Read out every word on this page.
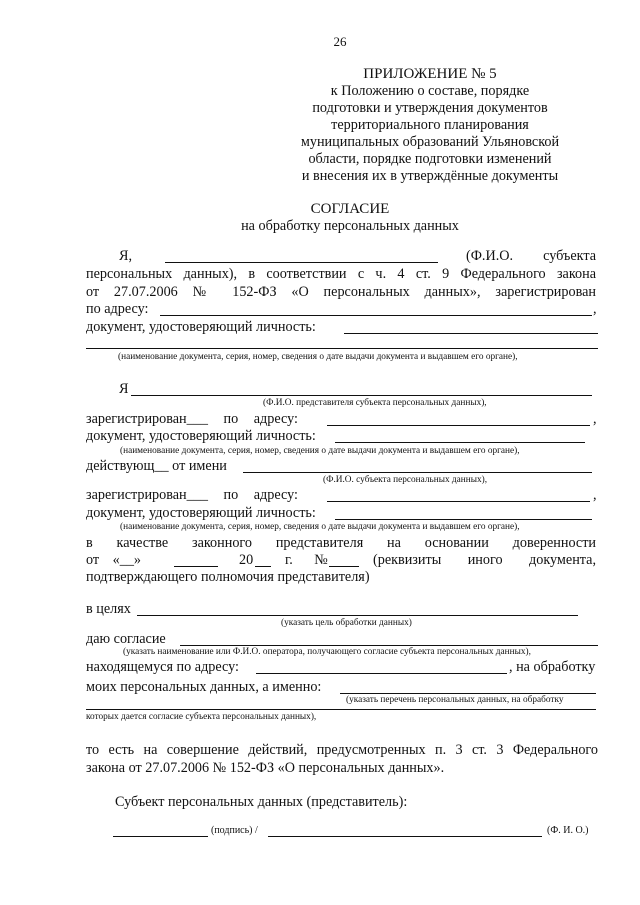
26
ПРИЛОЖЕНИЕ № 5
к Положению о составе, порядке
подготовки и утверждения документов
территориального планирования
муниципальных образований Ульяновской
области, порядке подготовки изменений
и внесения их в утверждённые документы
СОГЛАСИЕ
на обработку персональных данных
Я,	(Ф.И.О. субъекта
персональных данных), в соответствии с ч. 4 ст. 9 Федерального закона
от 27.07.2006 № 152-ФЗ «О персональных данных», зарегистрирован
по адресу:	,
документ, удостоверяющий личность:
(наименование документа, серия, номер, сведения о дате выдачи документа и выдавшем его органе),
Я
(Ф.И.О. представителя субъекта персональных данных),
зарегистрирован___ по адресу:	,
документ, удостоверяющий личность:
(наименование документа, серия, номер, сведения о дате выдачи документа и выдавшем его органе),
действующ__ от имени
(Ф.И.О. субъекта персональных данных),
зарегистрирован___ по адресу:	,
документ, удостоверяющий личность:
(наименование документа, серия, номер, сведения о дате выдачи документа и выдавшем его органе),
в качестве законного представителя на основании доверенности
от «__»	20 г. №	(реквизиты иного документа,
подтверждающего полномочия представителя)
в целях
(указать цель обработки данных)
даю согласие
(указать наименование или Ф.И.О. оператора, получающего согласие субъекта персональных данных),
находящемуся по адресу:	, на обработку
моих персональных данных, а именно:
(указать перечень персональных данных, на обработку
которых дается согласие субъекта персональных данных),
то есть на совершение действий, предусмотренных п. 3 ст. 3 Федерального
закона от 27.07.2006 № 152-ФЗ «О персональных данных».
Субъект персональных данных (представитель):
(подпись) /	(Ф. И. О.)
